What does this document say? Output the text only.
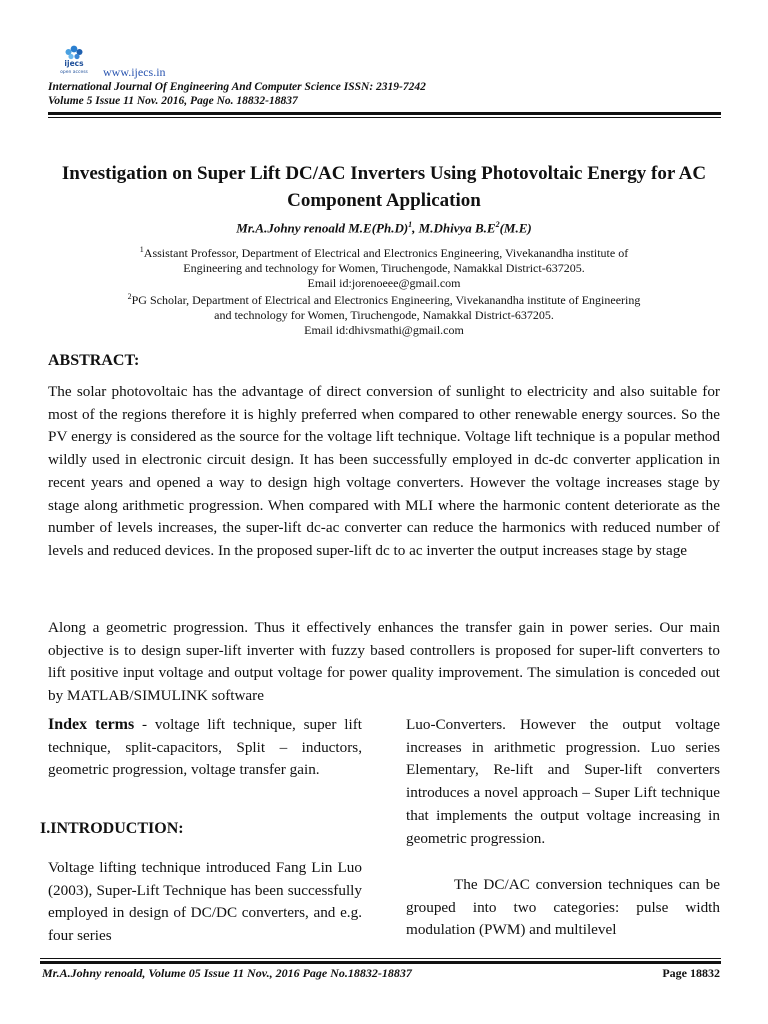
ijecs
open access www.ijecs.in
International Journal Of Engineering And Computer Science ISSN: 2319-7242
Volume 5 Issue 11 Nov. 2016, Page No. 18832-18837
Investigation on Super Lift DC/AC Inverters Using Photovoltaic Energy for AC Component Application
Mr.A.Johny renoald $M.E(Ph.D)^1$, M.Dhivya $B.E^2(M.E)$
$^1$Assistant Professor, Department of Electrical and Electronics Engineering, Vivekanandha institute of
Engineering and technology for Women, Tiruchengode, Namakkal District-637205.
Email id:jorenoeee@gmail.com
$^2$PG Scholar, Department of Electrical and Electronics Engineering, Vivekanandha institute of Engineering
and technology for Women, Tiruchengode, Namakkal District-637205.
Email id:dhivsmathi@gmail.com
ABSTRACT:
The solar photovoltaic has the advantage of direct conversion of sunlight to electricity and also suitable for most of the regions therefore it is highly preferred when compared to other renewable energy sources. So the PV energy is considered as the source for the voltage lift technique. Voltage lift technique is a popular method wildly used in electronic circuit design. It has been successfully employed in dc-dc converter application in recent years and opened a way to design high voltage converters. However the voltage increases stage by stage along arithmetic progression. When compared with MLI where the harmonic content deteriorate as the number of levels increases, the super-lift dc-ac converter can reduce the harmonics with reduced number of levels and reduced devices. In the proposed super-lift dc to ac inverter the output increases stage by stage
Along a geometric progression. Thus it effectively enhances the transfer gain in power series. Our main objective is to design super-lift inverter with fuzzy based controllers is proposed for super-lift converters to lift positive input voltage and output voltage for power quality improvement. The simulation is conceded out by MATLAB/SIMULINK software
Index terms - voltage lift technique, super lift technique, split-capacitors, Split – inductors, geometric progression, voltage transfer gain.
I.INTRODUCTION:
Voltage lifting technique introduced Fang Lin Luo (2003), Super-Lift Technique has been successfully employed in design of DC/DC converters, and e.g. four series
Luo-Converters. However the output voltage increases in arithmetic progression. Luo series Elementary, Re-lift and Super-lift converters introduces a novel approach – Super Lift technique that implements the output voltage increasing in geometric progression.
The DC/AC conversion techniques can be grouped into two categories: pulse width modulation (PWM) and multilevel
Mr.A.Johny renoald, Volume 05 Issue 11 Nov., 2016 Page No.18832-18837	Page 18832
